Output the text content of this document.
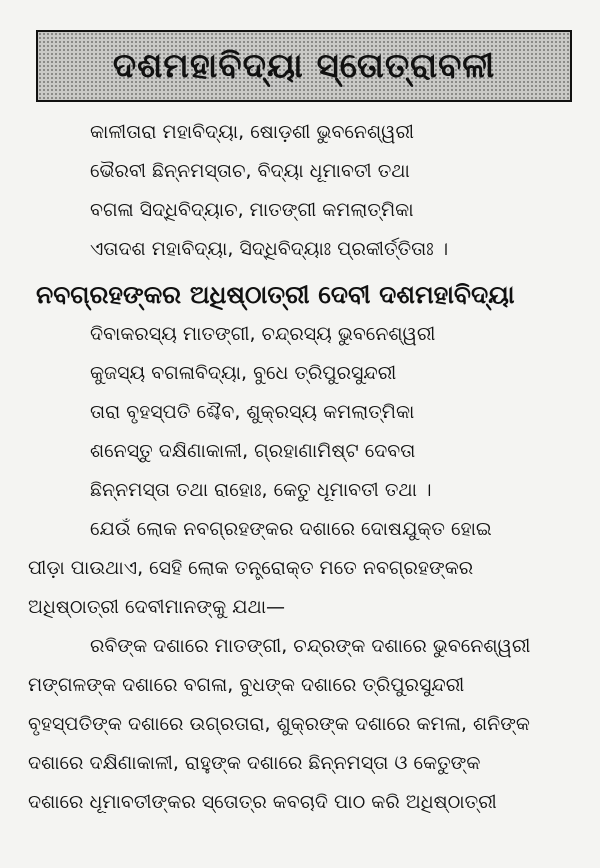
ଦଶମହାବିଦ୍ୟା ସ୍ତୋତ୍ରାବଳୀ
କାଳୀତାରା ମହାବିଦ୍ୟା, ଷୋଡ଼ଶୀ ଭୁବନେଶ୍ୱରୀ
ଭୈରବୀ ଛିନ୍ନମସ୍ତାଚ, ବିଦ୍ୟା ଧୂମାବତୀ ତଥା
ବଗଳା ସିଦ୍ଧିବିଦ୍ୟାଚ, ମାତଙ୍ଗୀ କମଲାତ୍ମିକା
ଏତାଦଶ ମହାବିଦ୍ୟା, ସିଦ୍ଧିବିଦ୍ୟାଃ ପ୍ରକୀର୍ତ୍ତିତାଃ ।
ନବଗ୍ରହଙ୍କର ଅଧିଷ୍ଠାତ୍ରୀ ଦେବୀ ଦଶମହାବିଦ୍ୟା
ଦିବାକରସ୍ୟ ମାତଙ୍ଗୀ, ଚନ୍ଦ୍ରସ୍ୟ ଭୁବନେଶ୍ୱରୀ
କୁଜସ୍ୟ ବଗଳାବିଦ୍ୟା, ବୁଧେ ତ୍ରିପୁରସୁନ୍ଦରୀ
ତାରା ବୃହସ୍ପତି ଶ୍ଚୈବ, ଶୁକ୍ରସ୍ୟ କମଲାତ୍ମିକା
ଶନେସ୍ତୁ ଦକ୍ଷିଣାକାଳୀ, ଗ୍ରହାଣାମିଷ୍ଟ ଦେବତା
ଛିନ୍ନମସ୍ତା ତଥା ରାହୋଃ, କେତୁ ଧୂମାବତୀ ତଥା ।
ଯେଉଁ ଲୋକ ନବଗ୍ରହଙ୍କର ଦଶାରେ ଦୋଷଯୁକ୍ତ ହୋଇ
ପୀଡ଼ା ପାଉଥାଏ, ସେହି ଲୋକ ତନ୍ତ୍ରୋକ୍ତ ମତେ ନବଗ୍ରହଙ୍କର
ଅଧିଷ୍ଠାତ୍ରୀ ଦେବୀମାନଙ୍କୁ ଯଥା—
ରବିଙ୍କ ଦଶାରେ ମାତଙ୍ଗୀ, ଚନ୍ଦ୍ରଙ୍କ ଦଶାରେ ଭୁବନେଶ୍ୱରୀ
ମଙ୍ଗଳଙ୍କ ଦଶାରେ ବଗଳା, ବୁଧଙ୍କ ଦଶାରେ ତ୍ରିପୁରସୁନ୍ଦରୀ
ବୃହସ୍ପତିଙ୍କ ଦଶାରେ ଉଗ୍ରତାରା, ଶୁକ୍ରଙ୍କ ଦଶାରେ କମଳା, ଶନିଙ୍କ
ଦଶାରେ ଦକ୍ଷିଣାକାଳୀ, ରାହୁଙ୍କ ଦଶାରେ ଛିନ୍ନମସ୍ତା ଓ କେତୁଙ୍କ
ଦଶାରେ ଧୂମାବତୀଙ୍କର ସ୍ତୋତ୍ର କବଚାଦି ପାଠ କରି ଅଧିଷ୍ଠାତ୍ରୀ
